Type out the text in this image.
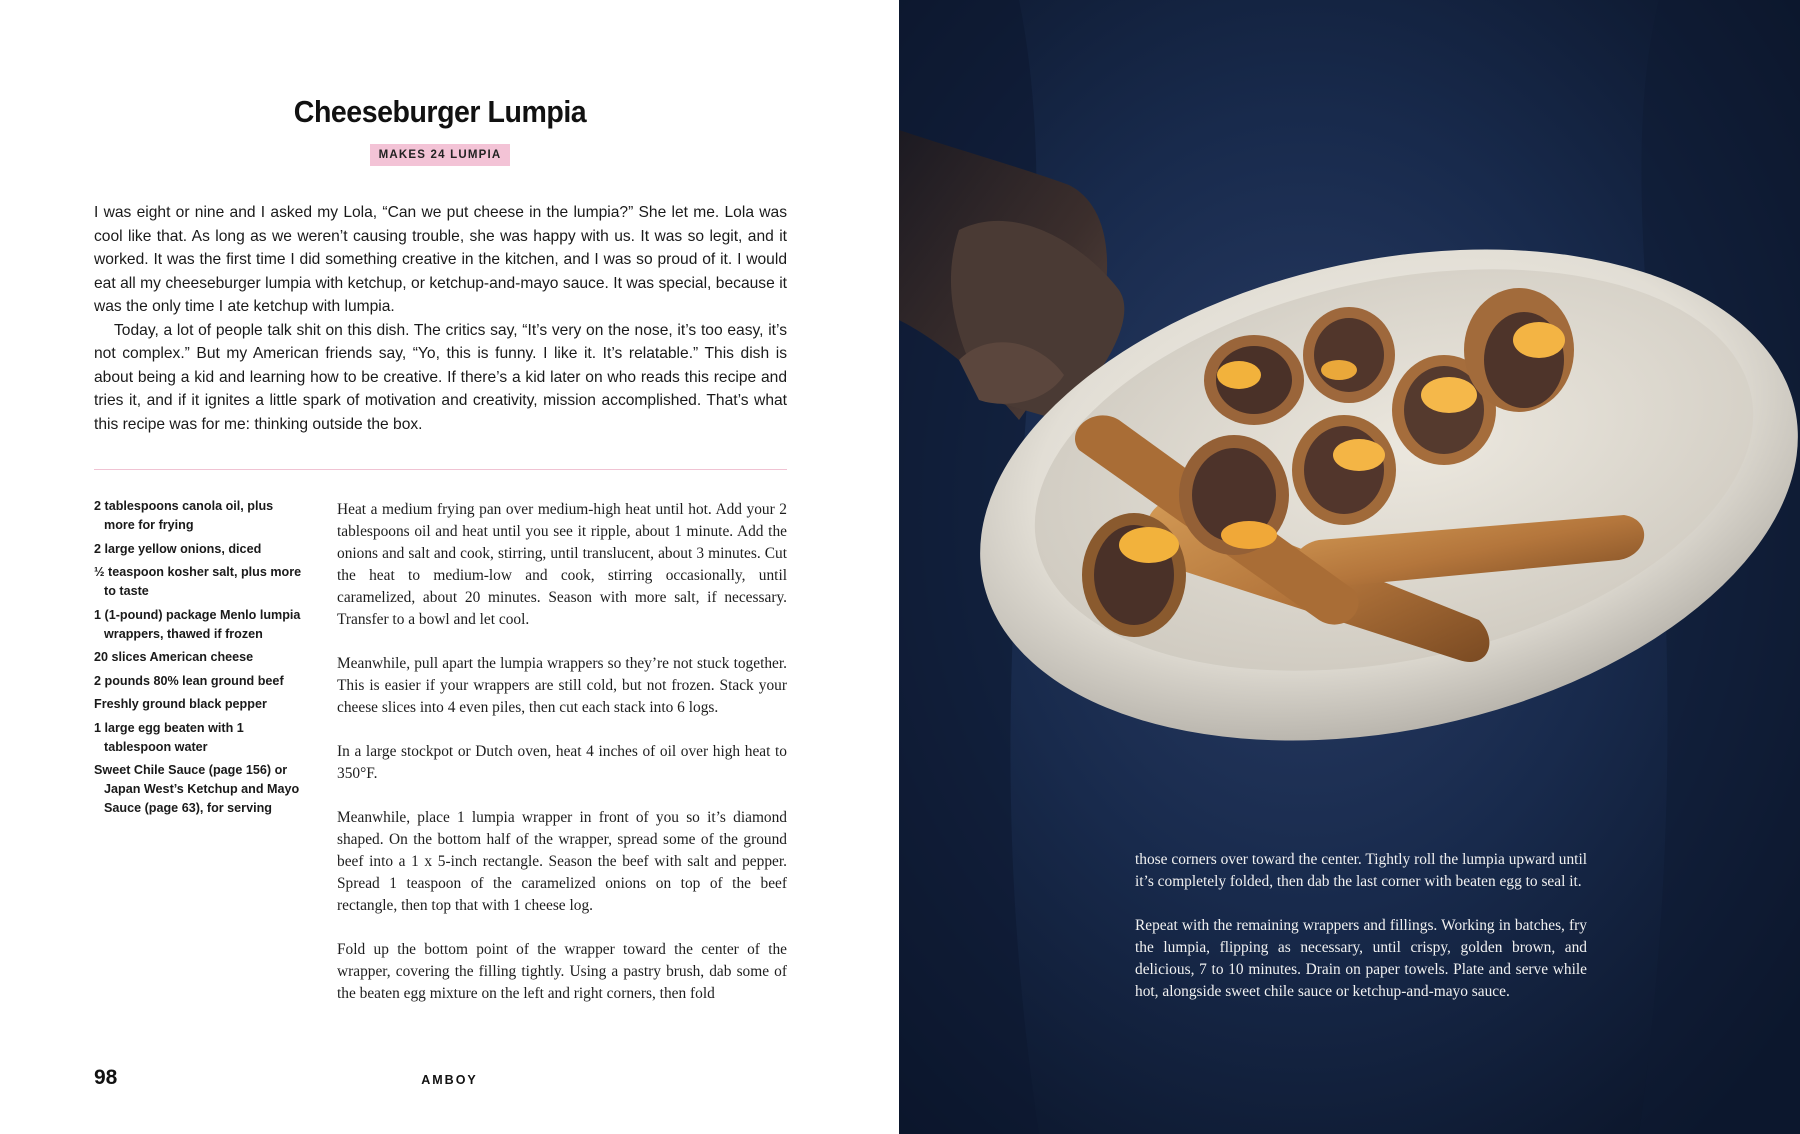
Cheeseburger Lumpia
MAKES 24 LUMPIA

I was eight or nine and I asked my Lola, “Can we put cheese in the lumpia?” She let me. Lola was cool like that. As long as we weren’t causing trouble, she was happy with us. It was so legit, and it worked. It was the first time I did something creative in the kitchen, and I was so proud of it. I would eat all my cheeseburger lumpia with ketchup, or ketchup-and-mayo sauce. It was special, because it was the only time I ate ketchup with lumpia.

Today, a lot of people talk shit on this dish. The critics say, “It’s very on the nose, it’s too easy, it’s not complex.” But my American friends say, “Yo, this is funny. I like it. It’s relatable.” This dish is about being a kid and learning how to be creative. If there’s a kid later on who reads this recipe and tries it, and if it ignites a little spark of motivation and creativity, mission accomplished. That’s what this recipe was for me: thinking outside the box.

2 tablespoons canola oil, plus more for frying
2 large yellow onions, diced
½ teaspoon kosher salt, plus more to taste
1 (1-pound) package Menlo lumpia wrappers, thawed if frozen
20 slices American cheese
2 pounds 80% lean ground beef
Freshly ground black pepper
1 large egg beaten with 1 tablespoon water
Sweet Chile Sauce (page 156) or Japan West’s Ketchup and Mayo Sauce (page 63), for serving

Heat a medium frying pan over medium-high heat until hot. Add your 2 tablespoons oil and heat until you see it ripple, about 1 minute. Add the onions and salt and cook, stirring, until translucent, about 3 minutes. Cut the heat to medium-low and cook, stirring occasionally, until caramelized, about 20 minutes. Season with more salt, if necessary. Transfer to a bowl and let cool.

Meanwhile, pull apart the lumpia wrappers so they’re not stuck together. This is easier if your wrappers are still cold, but not frozen. Stack your cheese slices into 4 even piles, then cut each stack into 6 logs.

In a large stockpot or Dutch oven, heat 4 inches of oil over high heat to 350°F.

Meanwhile, place 1 lumpia wrapper in front of you so it’s diamond shaped. On the bottom half of the wrapper, spread some of the ground beef into a 1 x 5-inch rectangle. Season the beef with salt and pepper. Spread 1 teaspoon of the caramelized onions on top of the beef rectangle, then top that with 1 cheese log.

Fold up the bottom point of the wrapper toward the center of the wrapper, covering the filling tightly. Using a pastry brush, dab some of the beaten egg mixture on the left and right corners, then fold

98	AMBOY

those corners over toward the center. Tightly roll the lumpia upward until it’s completely folded, then dab the last corner with beaten egg to seal it.

Repeat with the remaining wrappers and fillings. Working in batches, fry the lumpia, flipping as necessary, until crispy, golden brown, and delicious, 7 to 10 minutes. Drain on paper towels. Plate and serve while hot, alongside sweet chile sauce or ketchup-and-mayo sauce.
